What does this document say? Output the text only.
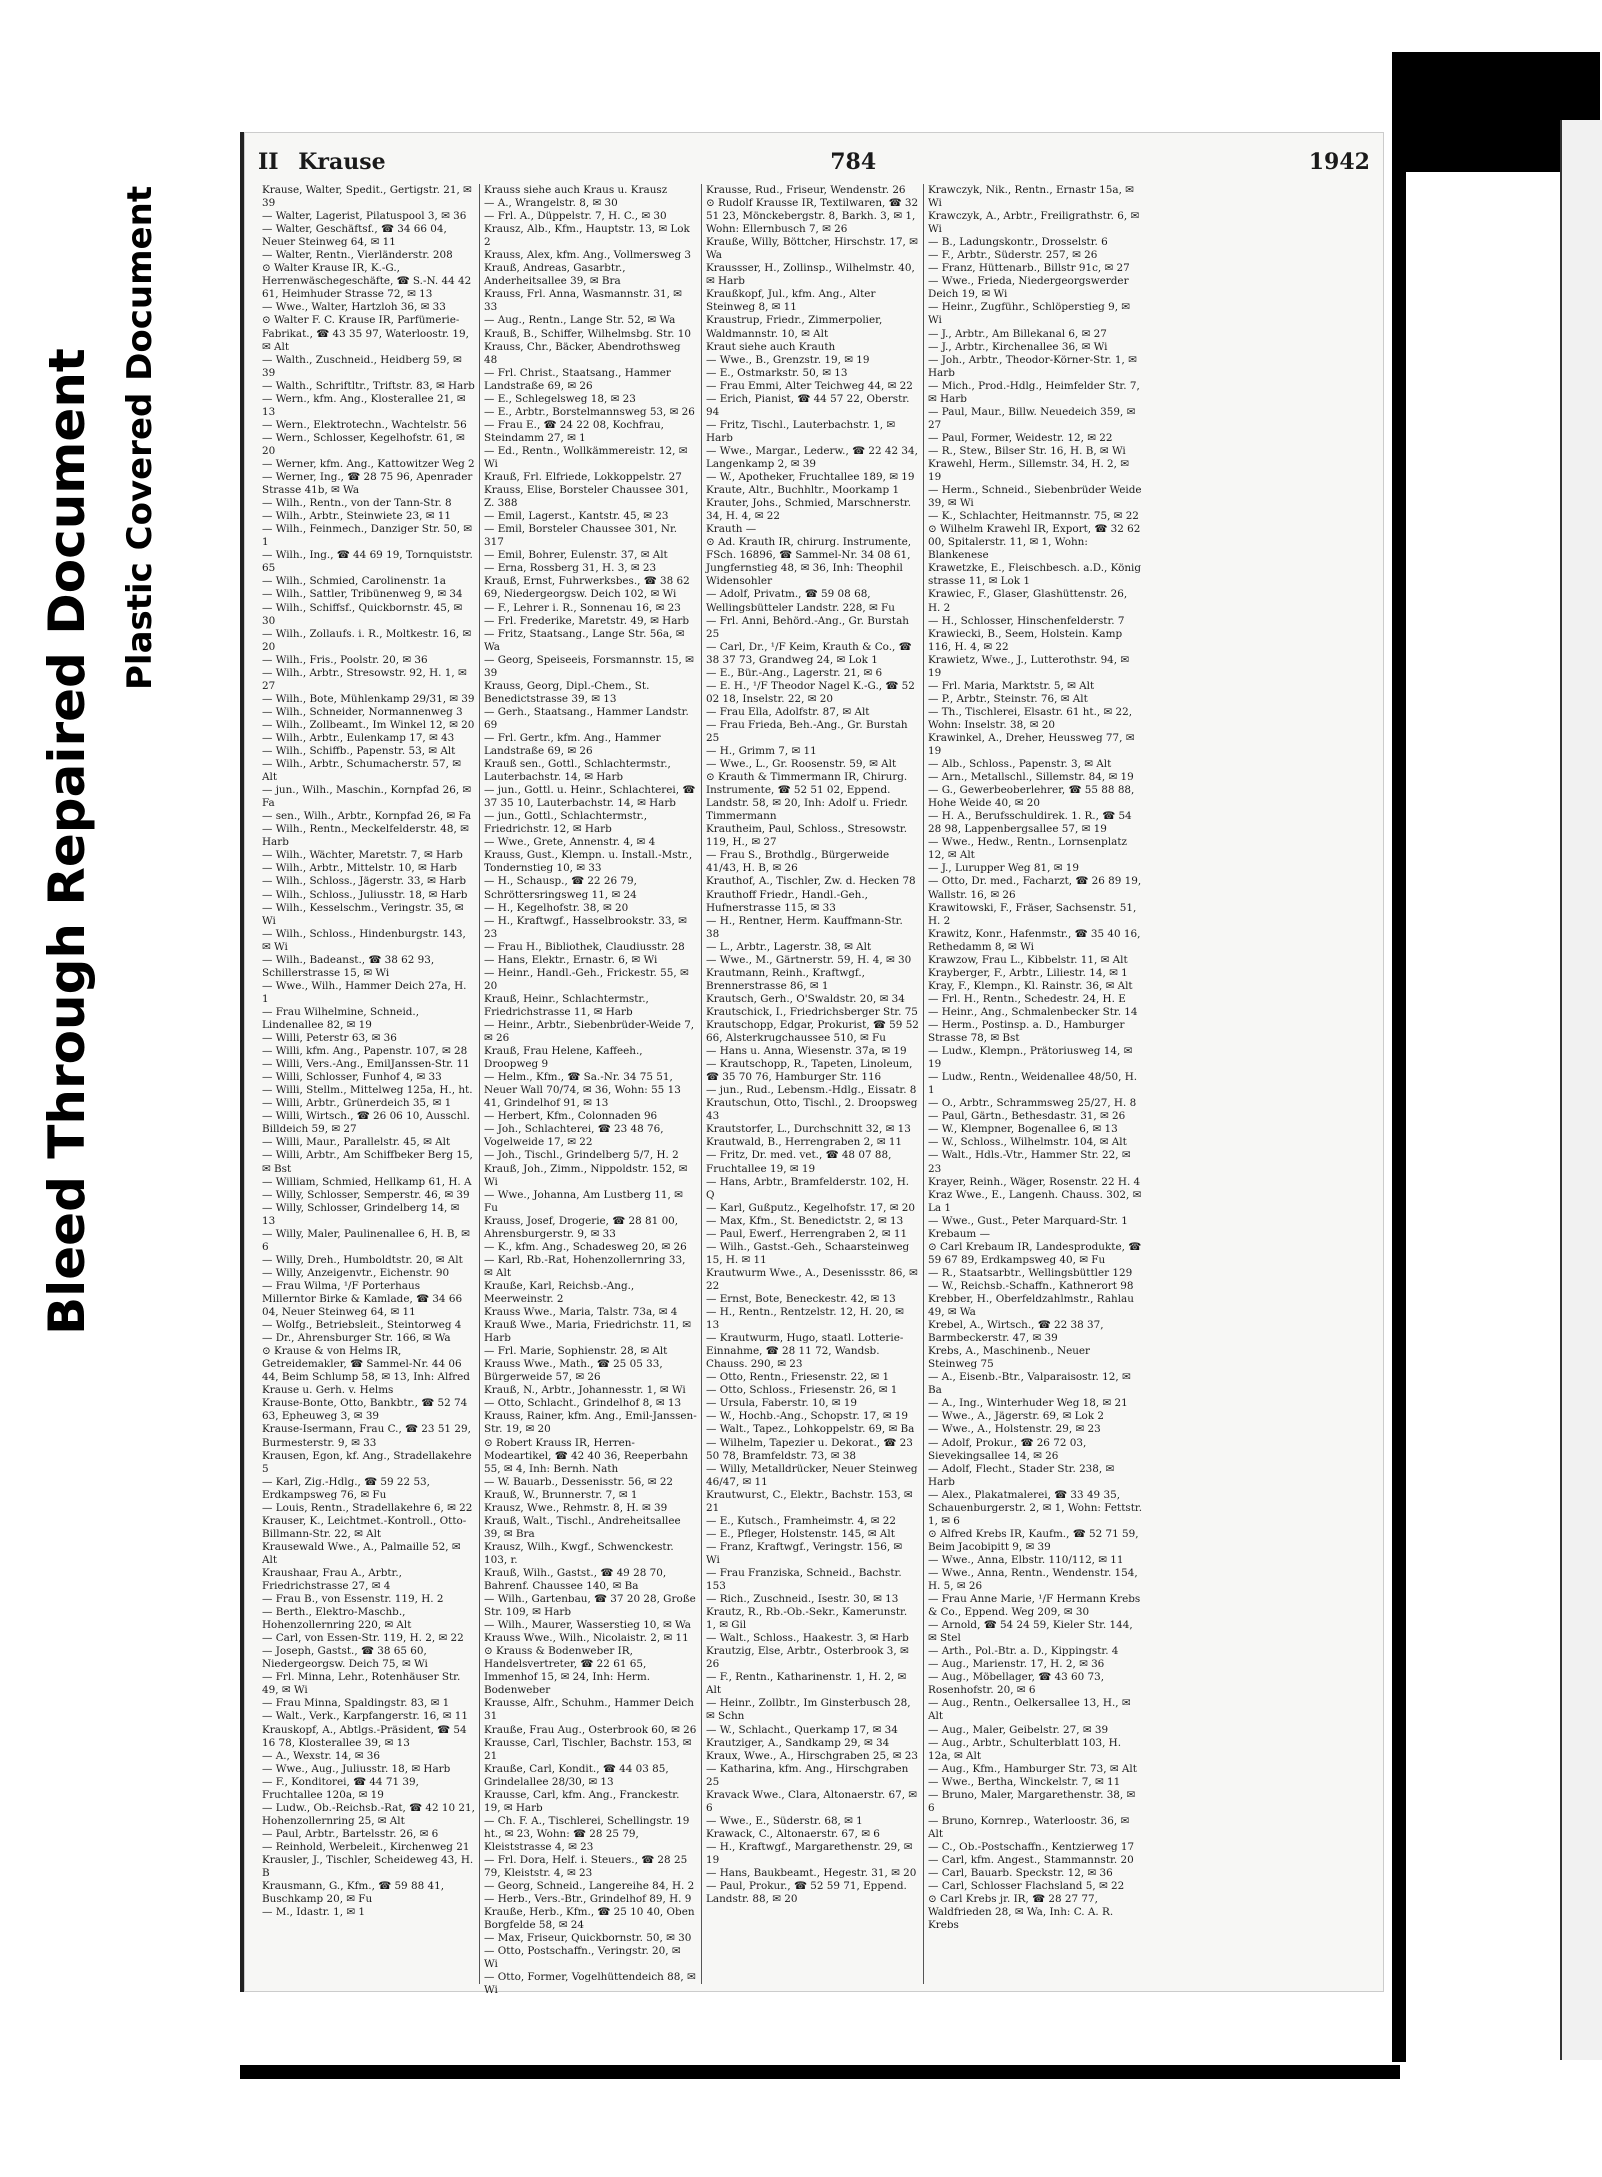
Bleed Through Repaired Document Plastic Covered Document
II Krause	784	1942

Krause, Walter, Spedit., Gertigstr. 21, ✉ 39

— Walter, Lagerist, Pilatuspool 3, ✉ 36

— Walter, Geschäftsf., ☎ 34 66 04, Neuer Steinweg 64, ✉ 11

— Walter, Rentn., Vierländerstr. 208

⊙ Walter Krause IR, K.-G., Herrenwäschegeschäfte, ☎ S.-N. 44 42 61, Heimhuder Strasse 72, ✉ 13

— Wwe., Walter, Hartzloh 36, ✉ 33

⊙ Walter F. C. Krause IR, Parfümerie-Fabrikat., ☎ 43 35 97, Waterloostr. 19, ✉ Alt

— Walth., Zuschneid., Heidberg 59, ✉ 39

— Walth., Schriftltr., Triftstr. 83, ✉ Harb

— Wern., kfm. Ang., Klosterallee 21, ✉ 13

— Wern., Elektrotechn., Wachtelstr. 56

— Wern., Schlosser, Kegelhofstr. 61, ✉ 20

— Werner, kfm. Ang., Kattowitzer Weg 2

— Werner, Ing., ☎ 28 75 96, Apenrader Strasse 41b, ✉ Wa

— Wilh., Rentn., von der Tann-Str. 8

— Wilh., Arbtr., Steinwiete 23, ✉ 11

— Wilh., Feinmech., Danziger Str. 50, ✉ 1

— Wilh., Ing., ☎ 44 69 19, Tornquiststr. 65

— Wilh., Schmied, Carolinenstr. 1a

— Wilh., Sattler, Tribünenweg 9, ✉ 34

— Wilh., Schiffsf., Quickbornstr. 45, ✉ 30

— Wilh., Zollaufs. i. R., Moltkestr. 16, ✉ 20

— Wilh., Fris., Poolstr. 20, ✉ 36

— Wilh., Arbtr., Stresowstr. 92, H. 1, ✉ 27

— Wilh., Bote, Mühlenkamp 29/31, ✉ 39

— Wilh., Schneider, Normannenweg 3

— Wilh., Zollbeamt., Im Winkel 12, ✉ 20

— Wilh., Arbtr., Eulenkamp 17, ✉ 43

— Wilh., Schiffb., Papenstr. 53, ✉ Alt

— Wilh., Arbtr., Schumacherstr. 57, ✉ Alt

— jun., Wilh., Maschin., Kornpfad 26, ✉ Fa

— sen., Wilh., Arbtr., Kornpfad 26, ✉ Fa

— Wilh., Rentn., Meckelfelderstr. 48, ✉ Harb

— Wilh., Wächter, Maretstr. 7, ✉ Harb

— Wilh., Arbtr., Mittelstr. 10, ✉ Harb

— Wilh., Schloss., Jägerstr. 33, ✉ Harb

— Wilh., Schloss., Juliusstr. 18, ✉ Harb

— Wilh., Kesselschm., Veringstr. 35, ✉ Wi

— Wilh., Schloss., Hindenburgstr. 143, ✉ Wi

— Wilh., Badeanst., ☎ 38 62 93, Schillerstrasse 15, ✉ Wi

— Wwe., Wilh., Hammer Deich 27a, H. 1

— Frau Wilhelmine, Schneid., Lindenallee 82, ✉ 19

— Willi, Peterstr 63, ✉ 36

— Willi, kfm. Ang., Papenstr. 107, ✉ 28

— Willi, Vers.-Ang., EmilJanssen-Str. 11

— Willi, Schlosser, Funhof 4, ✉ 33

— Willi, Stellm., Mittelweg 125a, H., ht.

— Willi, Arbtr., Grünerdeich 35, ✉ 1

— Willi, Wirtsch., ☎ 26 06 10, Ausschl. Billdeich 59, ✉ 27

— Willi, Maur., Parallelstr. 45, ✉ Alt

— Willi, Arbtr., Am Schiffbeker Berg 15, ✉ Bst

— William, Schmied, Hellkamp 61, H. A

— Willy, Schlosser, Semperstr. 46, ✉ 39

— Willy, Schlosser, Grindelberg 14, ✉ 13

— Willy, Maler, Paulinenallee 6, H. B, ✉ 6

— Willy, Dreh., Humboldtstr. 20, ✉ Alt

— Willy, Anzeigenvtr., Eichenstr. 90

— Frau Wilma, ¹/F Porterhaus Millerntor Birke & Kamlade, ☎ 34 66 04, Neuer Steinweg 64, ✉ 11

— Wolfg., Betriebsleit., Steintorweg 4

— Dr., Ahrensburger Str. 166, ✉ Wa

⊙ Krause & von Helms IR, Getreidemakler, ☎ Sammel-Nr. 44 06 44, Beim Schlump 58, ✉ 13, Inh: Alfred Krause u. Gerh. v. Helms

Krause-Bonte, Otto, Bankbtr., ☎ 52 74 63, Epheuweg 3, ✉ 39

Krause-Isermann, Frau C., ☎ 23 51 29, Burmesterstr. 9, ✉ 33

Krausen, Egon, kf. Ang., Stradellakehre 5

— Karl, Zig.-Hdlg., ☎ 59 22 53, Erdkampsweg 76, ✉ Fu

— Louis, Rentn., Stradellakehre 6, ✉ 22

Krauser, K., Leichtmet.-Kontroll., Otto-Billmann-Str. 22, ✉ Alt

Krausewald Wwe., A., Palmaille 52, ✉ Alt

Kraushaar, Frau A., Arbtr., Friedrichstrasse 27, ✉ 4

— Frau B., von Essenstr. 119, H. 2

— Berth., Elektro-Maschb., Hohenzollernring 220, ✉ Alt

— Carl, von Essen-Str. 119, H. 2, ✉ 22

— Joseph, Gastst., ☎ 38 65 60, Niedergeorgsw. Deich 75, ✉ Wi

— Frl. Minna, Lehr., Rotenhäuser Str. 49, ✉ Wi

— Frau Minna, Spaldingstr. 83, ✉ 1

— Walt., Verk., Karpfangerstr. 16, ✉ 11

Krauskopf, A., Abtlgs.-Präsident, ☎ 54 16 78, Klosterallee 39, ✉ 13

— A., Wexstr. 14, ✉ 36

— Wwe., Aug., Juliusstr. 18, ✉ Harb

— F., Konditorei, ☎ 44 71 39, Fruchtallee 120a, ✉ 19

— Ludw., Ob.-Reichsb.-Rat, ☎ 42 10 21, Hohenzollernring 25, ✉ Alt

— Paul, Arbtr., Bartelsstr. 26, ✉ 6

— Reinhold, Werbeleit., Kirchenweg 21

Krausler, J., Tischler, Scheideweg 43, H. B

Krausmann, G., Kfm., ☎ 59 88 41, Buschkamp 20, ✉ Fu

— M., Idastr. 1, ✉ 1

Krauss siehe auch Kraus u. Krausz

— A., Wrangelstr. 8, ✉ 30

— Frl. A., Düppelstr. 7, H. C., ✉ 30

Krausz, Alb., Kfm., Hauptstr. 13, ✉ Lok 2

Krauss, Alex, kfm. Ang., Vollmersweg 3

Krauß, Andreas, Gasarbtr., Anderheitsallee 39, ✉ Bra

Krauss, Frl. Anna, Wasmannstr. 31, ✉ 33

— Aug., Rentn., Lange Str. 52, ✉ Wa

Krauß, B., Schiffer, Wilhelmsbg. Str. 10

Krauss, Chr., Bäcker, Abendrothsweg 48

— Frl. Christ., Staatsang., Hammer Landstraße 69, ✉ 26

— E., Schlegelsweg 18, ✉ 23

— E., Arbtr., Borstelmannsweg 53, ✉ 26

— Frau E., ☎ 24 22 08, Kochfrau, Steindamm 27, ✉ 1

— Ed., Rentn., Wollkämmereistr. 12, ✉ Wi

Krauß, Frl. Elfriede, Lokkoppelstr. 27

Krauss, Elise, Borsteler Chaussee 301, Z. 388

— Emil, Lagerst., Kantstr. 45, ✉ 23

— Emil, Borsteler Chaussee 301, Nr. 317

— Emil, Bohrer, Eulenstr. 37, ✉ Alt

— Erna, Rossberg 31, H. 3, ✉ 23

Krauß, Ernst, Fuhrwerksbes., ☎ 38 62 69, Niedergeorgsw. Deich 102, ✉ Wi

— F., Lehrer i. R., Sonnenau 16, ✉ 23

— Frl. Frederike, Maretstr. 49, ✉ Harb

— Fritz, Staatsang., Lange Str. 56a, ✉ Wa

— Georg, Speiseeis, Forsmannstr. 15, ✉ 39

Krauss, Georg, Dipl.-Chem., St. Benedictstrasse 39, ✉ 13

— Gerh., Staatsang., Hammer Landstr. 69

— Frl. Gertr., kfm. Ang., Hammer Landstraße 69, ✉ 26

Krauß sen., Gottl., Schlachtermstr., Lauterbachstr. 14, ✉ Harb

— jun., Gottl. u. Heinr., Schlachterei, ☎ 37 35 10, Lauterbachstr. 14, ✉ Harb

— jun., Gottl., Schlachtermstr., Friedrichstr. 12, ✉ Harb

— Wwe., Grete, Annenstr. 4, ✉ 4

Krauss, Gust., Klempn. u. Install.-Mstr., Tondernstieg 10, ✉ 33

— H., Schausp., ☎ 22 26 79, Schröttersringsweg 11, ✉ 24

— H., Kegelhofstr. 38, ✉ 20

— H., Kraftwgf., Hasselbrookstr. 33, ✉ 23

— Frau H., Bibliothek, Claudiusstr. 28

— Hans, Elektr., Ernastr. 6, ✉ Wi

— Heinr., Handl.-Geh., Frickestr. 55, ✉ 20

Krauß, Heinr., Schlachtermstr., Friedrichstrasse 11, ✉ Harb

— Heinr., Arbtr., Siebenbrüder-Weide 7, ✉ 26

Krauß, Frau Helene, Kaffeeh., Droopweg 9

— Helm., Kfm., ☎ Sa.-Nr. 34 75 51, Neuer Wall 70/74, ✉ 36, Wohn: 55 13 41, Grindelhof 91, ✉ 13

— Herbert, Kfm., Colonnaden 96

— Joh., Schlachterei, ☎ 23 48 76, Vogelweide 17, ✉ 22

— Joh., Tischl., Grindelberg 5/7, H. 2

Krauß, Joh., Zimm., Nippoldstr. 152, ✉ Wi

— Wwe., Johanna, Am Lustberg 11, ✉ Fu

Krauss, Josef, Drogerie, ☎ 28 81 00, Ahrensburgerstr. 9, ✉ 33

— K., kfm. Ang., Schadesweg 20, ✉ 26

— Karl, Rb.-Rat, Hohenzollernring 33, ✉ Alt

Krauße, Karl, Reichsb.-Ang., Meerweinstr. 2

Krauss Wwe., Maria, Talstr. 73a, ✉ 4

Krauß Wwe., Maria, Friedrichstr. 11, ✉ Harb

— Frl. Marie, Sophienstr. 28, ✉ Alt

Krauss Wwe., Math., ☎ 25 05 33, Bürgerweide 57, ✉ 26

Krauß, N., Arbtr., Johannesstr. 1, ✉ Wi

— Otto, Schlacht., Grindelhof 8, ✉ 13

Krauss, Rainer, kfm. Ang., Emil-Janssen-Str. 19, ✉ 20

⊙ Robert Krauss IR, Herren-Modeartikel, ☎ 42 40 36, Reeperbahn 55, ✉ 4, Inh: Bernh. Nath

— W. Bauarb., Dessenisstr. 56, ✉ 22

Krauß, W., Brunnerstr. 7, ✉ 1

Krausz, Wwe., Rehmstr. 8, H. ✉ 39

Krauß, Walt., Tischl., Andreheitsallee 39, ✉ Bra

Krausz, Wilh., Kwgf., Schwenckestr. 103, r.

Krauß, Wilh., Gastst., ☎ 49 28 70, Bahrenf. Chaussee 140, ✉ Ba

— Wilh., Gartenbau, ☎ 37 20 28, Große Str. 109, ✉ Harb

— Wilh., Maurer, Wasserstieg 10, ✉ Wa

Krauss Wwe., Wilh., Nicolaistr. 2, ✉ 11

⊙ Krauss & Bodenweber IR, Handelsvertreter, ☎ 22 61 65, Immenhof 15, ✉ 24, Inh: Herm. Bodenweber

Krausse, Alfr., Schuhm., Hammer Deich 31

Krauße, Frau Aug., Osterbrook 60, ✉ 26

Krausse, Carl, Tischler, Bachstr. 153, ✉ 21

Krauße, Carl, Kondit., ☎ 44 03 85, Grindelallee 28/30, ✉ 13

Krausse, Carl, kfm. Ang., Franckestr. 19, ✉ Harb

— Ch. F. A., Tischlerei, Schellingstr. 19 ht., ✉ 23, Wohn: ☎ 28 25 79, Kleiststrasse 4, ✉ 23

— Frl. Dora, Helf. i. Steuers., ☎ 28 25 79, Kleiststr. 4, ✉ 23

— Georg, Schneid., Langereihe 84, H. 2

— Herb., Vers.-Btr., Grindelhof 89, H. 9

Krauße, Herb., Kfm., ☎ 25 10 40, Oben Borgfelde 58, ✉ 24

— Max, Friseur, Quickbornstr. 50, ✉ 30

— Otto, Postschaffn., Veringstr. 20, ✉ Wi

— Otto, Former, Vogelhüttendeich 88, ✉ Wi

Krausse, Rud., Friseur, Wendenstr. 26

⊙ Rudolf Krausse IR, Textilwaren, ☎ 32 51 23, Mönckebergstr. 8, Barkh. 3, ✉ 1, Wohn: Ellernbusch 7, ✉ 26

Krauße, Willy, Böttcher, Hirschstr. 17, ✉ Wa

Kraussser, H., Zollinsp., Wilhelmstr. 40, ✉ Harb

Kraußkopf, Jul., kfm. Ang., Alter Steinweg 8, ✉ 11

Kraustrup, Friedr., Zimmerpolier, Waldmannstr. 10, ✉ Alt

Kraut siehe auch Krauth

— Wwe., B., Grenzstr. 19, ✉ 19

— E., Ostmarkstr. 50, ✉ 13

— Frau Emmi, Alter Teichweg 44, ✉ 22

— Erich, Pianist, ☎ 44 57 22, Oberstr. 94

— Fritz, Tischl., Lauterbachstr. 1, ✉ Harb

— Wwe., Margar., Lederw., ☎ 22 42 34, Langenkamp 2, ✉ 39

— W., Apotheker, Fruchtallee 189, ✉ 19

Kraute, Altr., Buchhltr., Moorkamp 1

Krauter, Johs., Schmied, Marschnerstr. 34, H. 4, ✉ 22

Krauth —

⊙ Ad. Krauth IR, chirurg. Instrumente, FSch. 16896, ☎ Sammel-Nr. 34 08 61, Jungfernstieg 48, ✉ 36, Inh: Theophil Widensohler

— Adolf, Privatm., ☎ 59 08 68, Wellingsbütteler Landstr. 228, ✉ Fu

— Frl. Anni, Behörd.-Ang., Gr. Burstah 25

— Carl, Dr., ¹/F Keim, Krauth & Co., ☎ 38 37 73, Grandweg 24, ✉ Lok 1

— E., Bür.-Ang., Lagerstr. 21, ✉ 6

— E. H., ¹/F Theodor Nagel K.-G., ☎ 52 02 18, Inselstr. 22, ✉ 20

— Frau Ella, Adolfstr. 87, ✉ Alt

— Frau Frieda, Beh.-Ang., Gr. Burstah 25

— H., Grimm 7, ✉ 11

— Wwe., L., Gr. Roosenstr. 59, ✉ Alt

⊙ Krauth & Timmermann IR, Chirurg. Instrumente, ☎ 52 51 02, Eppend. Landstr. 58, ✉ 20, Inh: Adolf u. Friedr. Timmermann

Krautheim, Paul, Schloss., Stresowstr. 119, H., ✉ 27

— Frau S., Brothdlg., Bürgerweide 41/43, H. B, ✉ 26

Krauthof, A., Tischler, Zw. d. Hecken 78

Krauthoff Friedr., Handl.-Geh., Hufnerstrasse 115, ✉ 33

— H., Rentner, Herm. Kauffmann-Str. 38

— L., Arbtr., Lagerstr. 38, ✉ Alt

— Wwe., M., Gärtnerstr. 59, H. 4, ✉ 30

Krautmann, Reinh., Kraftwgf., Brennerstrasse 86, ✉ 1

Krautsch, Gerh., O'Swaldstr. 20, ✉ 34

Krautschick, I., Friedrichsberger Str. 75

Krautschopp, Edgar, Prokurist, ☎ 59 52 66, Alsterkrugchaussee 510, ✉ Fu

— Hans u. Anna, Wiesenstr. 37a, ✉ 19

— Krautschopp, R., Tapeten, Linoleum, ☎ 35 70 76, Hamburger Str. 116

— jun., Rud., Lebensm.-Hdlg., Eissatr. 8

Krautschun, Otto, Tischl., 2. Droopsweg 43

Krautstorfer, L., Durchschnitt 32, ✉ 13

Krautwald, B., Herrengraben 2, ✉ 11

— Fritz, Dr. med. vet., ☎ 48 07 88, Fruchtallee 19, ✉ 19

— Hans, Arbtr., Bramfelderstr. 102, H. Q

— Karl, Gußputz., Kegelhofstr. 17, ✉ 20

— Max, Kfm., St. Benedictstr. 2, ✉ 13

— Paul, Ewerf., Herrengraben 2, ✉ 11

— Wilh., Gastst.-Geh., Schaarsteinweg 15, H. ✉ 11

Krautwurm Wwe., A., Desenissstr. 86, ✉ 22

— Ernst, Bote, Beneckestr. 42, ✉ 13

— H., Rentn., Rentzelstr. 12, H. 20, ✉ 13

— Krautwurm, Hugo, staatl. Lotterie-Einnahme, ☎ 28 11 72, Wandsb. Chauss. 290, ✉ 23

— Otto, Rentn., Friesenstr. 22, ✉ 1

— Otto, Schloss., Friesenstr. 26, ✉ 1

— Ursula, Faberstr. 10, ✉ 19

— W., Hochb.-Ang., Schopstr. 17, ✉ 19

— Walt., Tapez., Lohkoppelstr. 69, ✉ Ba

— Wilhelm, Tapezier u. Dekorat., ☎ 23 50 78, Bramfeldstr. 73, ✉ 38

— Willy, Metalldrücker, Neuer Steinweg 46/47, ✉ 11

Krautwurst, C., Elektr., Bachstr. 153, ✉ 21

— E., Kutsch., Framheimstr. 4, ✉ 22

— E., Pfleger, Holstenstr. 145, ✉ Alt

— Franz, Kraftwgf., Veringstr. 156, ✉ Wi

— Frau Franziska, Schneid., Bachstr. 153

— Rich., Zuschneid., Isestr. 30, ✉ 13

Krautz, R., Rb.-Ob.-Sekr., Kamerunstr. 1, ✉ Gil

— Walt., Schloss., Haakestr. 3, ✉ Harb

Krautzig, Else, Arbtr., Osterbrook 3, ✉ 26

— F., Rentn., Katharinenstr. 1, H. 2, ✉ Alt

— Heinr., Zollbtr., Im Ginsterbusch 28, ✉ Schn

— W., Schlacht., Querkamp 17, ✉ 34

Krautziger, A., Sandkamp 29, ✉ 34

Kraux, Wwe., A., Hirschgraben 25, ✉ 23

— Katharina, kfm. Ang., Hirschgraben 25

Kravack Wwe., Clara, Altonaerstr. 67, ✉ 6

— Wwe., E., Süderstr. 68, ✉ 1

Krawack, C., Altonaerstr. 67, ✉ 6

— H., Kraftwgf., Margarethenstr. 29, ✉ 19

— Hans, Baukbeamt., Hegestr. 31, ✉ 20

— Paul, Prokur., ☎ 52 59 71, Eppend. Landstr. 88, ✉ 20

Krawczyk, Nik., Rentn., Ernastr 15a, ✉ Wi

Krawczyk, A., Arbtr., Freiligrathstr. 6, ✉ Wi

— B., Ladungskontr., Drosselstr. 6

— F., Arbtr., Süderstr. 257, ✉ 26

— Franz, Hüttenarb., Billstr 91c, ✉ 27

— Wwe., Frieda, Niedergeorgswerder Deich 19, ✉ Wi

— Heinr., Zugführ., Schlöperstieg 9, ✉ Wi

— J., Arbtr., Am Billekanal 6, ✉ 27

— J., Arbtr., Kirchenallee 36, ✉ Wi

— Joh., Arbtr., Theodor-Körner-Str. 1, ✉ Harb

— Mich., Prod.-Hdlg., Heimfelder Str. 7, ✉ Harb

— Paul, Maur., Billw. Neuedeich 359, ✉ 27

— Paul, Former, Weidestr. 12, ✉ 22

— R., Stew., Bilser Str. 16, H. B, ✉ Wi

Krawehl, Herm., Sillemstr. 34, H. 2, ✉ 19

— Herm., Schneid., Siebenbrüder Weide 39, ✉ Wi

— K., Schlachter, Heitmannstr. 75, ✉ 22

⊙ Wilhelm Krawehl IR, Export, ☎ 32 62 00, Spitalerstr. 11, ✉ 1, Wohn: Blankenese

Krawetzke, E., Fleischbesch. a.D., König strasse 11, ✉ Lok 1

Krawiec, F., Glaser, Glashüttenstr. 26, H. 2

— H., Schlosser, Hinschenfelderstr. 7

Krawiecki, B., Seem, Holstein. Kamp 116, H. 4, ✉ 22

Krawietz, Wwe., J., Lutterothstr. 94, ✉ 19

— Frl. Maria, Marktstr. 5, ✉ Alt

— P., Arbtr., Steinstr. 76, ✉ Alt

— Th., Tischlerei, Elsastr. 61 ht., ✉ 22, Wohn: Inselstr. 38, ✉ 20

Krawinkel, A., Dreher, Heussweg 77, ✉ 19

— Alb., Schloss., Papenstr. 3, ✉ Alt

— Arn., Metallschl., Sillemstr. 84, ✉ 19

— G., Gewerbeoberlehrer, ☎ 55 88 88, Hohe Weide 40, ✉ 20

— H. A., Berufsschuldirek. 1. R., ☎ 54 28 98, Lappenbergsallee 57, ✉ 19

— Wwe., Hedw., Rentn., Lornsenplatz 12, ✉ Alt

— J., Lurupper Weg 81, ✉ 19

— Otto, Dr. med., Facharzt, ☎ 26 89 19, Wallstr. 16, ✉ 26

Krawitowski, F., Fräser, Sachsenstr. 51, H. 2

Krawitz, Konr., Hafenmstr., ☎ 35 40 16, Rethedamm 8, ✉ Wi

Krawzow, Frau L., Kibbelstr. 11, ✉ Alt

Krayberger, F., Arbtr., Liliestr. 14, ✉ 1

Kray, F., Klempn., Kl. Rainstr. 36, ✉ Alt

— Frl. H., Rentn., Schedestr. 24, H. E

— Heinr., Ang., Schmalenbecker Str. 14

— Herm., Postinsp. a. D., Hamburger Strasse 78, ✉ Bst

— Ludw., Klempn., Prätoriusweg 14, ✉ 19

— Ludw., Rentn., Weidenallee 48/50, H. 1

— O., Arbtr., Schrammsweg 25/27, H. 8

— Paul, Gärtn., Bethesdastr. 31, ✉ 26

— W., Klempner, Bogenallee 6, ✉ 13

— W., Schloss., Wilhelmstr. 104, ✉ Alt

— Walt., Hdls.-Vtr., Hammer Str. 22, ✉ 23

Krayer, Reinh., Wäger, Rosenstr. 22 H. 4

Kraz Wwe., E., Langenh. Chauss. 302, ✉ La 1

— Wwe., Gust., Peter Marquard-Str. 1

Krebaum —

⊙ Carl Krebaum IR, Landesprodukte, ☎ 59 67 89, Erdkampsweg 40, ✉ Fu

— R., Staatsarbtr., Wellingsbüttler 129

— W., Reichsb.-Schaffn., Kathnerort 98

Krebber, H., Oberfeldzahlmstr., Rahlau 49, ✉ Wa

Krebel, A., Wirtsch., ☎ 22 38 37, Barmbeckerstr. 47, ✉ 39

Krebs, A., Maschinenb., Neuer Steinweg 75

— A., Eisenb.-Btr., Valparaisostr. 12, ✉ Ba

— A., Ing., Winterhuder Weg 18, ✉ 21

— Wwe., A., Jägerstr. 69, ✉ Lok 2

— Wwe., A., Holstenstr. 29, ✉ 23

— Adolf, Prokur., ☎ 26 72 03, Sievekingsallee 14, ✉ 26

— Adolf, Flecht., Stader Str. 238, ✉ Harb

— Alex., Plakatmalerei, ☎ 33 49 35, Schauenburgerstr. 2, ✉ 1, Wohn: Fettstr. 1, ✉ 6

⊙ Alfred Krebs IR, Kaufm., ☎ 52 71 59, Beim Jacobipitt 9, ✉ 39

— Wwe., Anna, Elbstr. 110/112, ✉ 11

— Wwe., Anna, Rentn., Wendenstr. 154, H. 5, ✉ 26

— Frau Anne Marie, ¹/F Hermann Krebs & Co., Eppend. Weg 209, ✉ 30

— Arnold, ☎ 54 24 59, Kieler Str. 144, ✉ Stel

— Arth., Pol.-Btr. a. D., Kippingstr. 4

— Aug., Marienstr. 17, H. 2, ✉ 36

— Aug., Möbellager, ☎ 43 60 73, Rosenhofstr. 20, ✉ 6

— Aug., Rentn., Oelkersallee 13, H., ✉ Alt

— Aug., Maler, Geibelstr. 27, ✉ 39

— Aug., Arbtr., Schulterblatt 103, H. 12a, ✉ Alt

— Aug., Kfm., Hamburger Str. 73, ✉ Alt

— Wwe., Bertha, Winckelstr. 7, ✉ 11

— Bruno, Maler, Margarethenstr. 38, ✉ 6

— Bruno, Kornrep., Waterloostr. 36, ✉ Alt

— C., Ob.-Postschaffn., Kentzierweg 17

— Carl, kfm. Angest., Stammannstr. 20

— Carl, Bauarb. Speckstr. 12, ✉ 36

— Carl, Schlosser Flachsland 5, ✉ 22

⊙ Carl Krebs jr. IR, ☎ 28 27 77, Waldfrieden 28, ✉ Wa, Inh: C. A. R. Krebs
